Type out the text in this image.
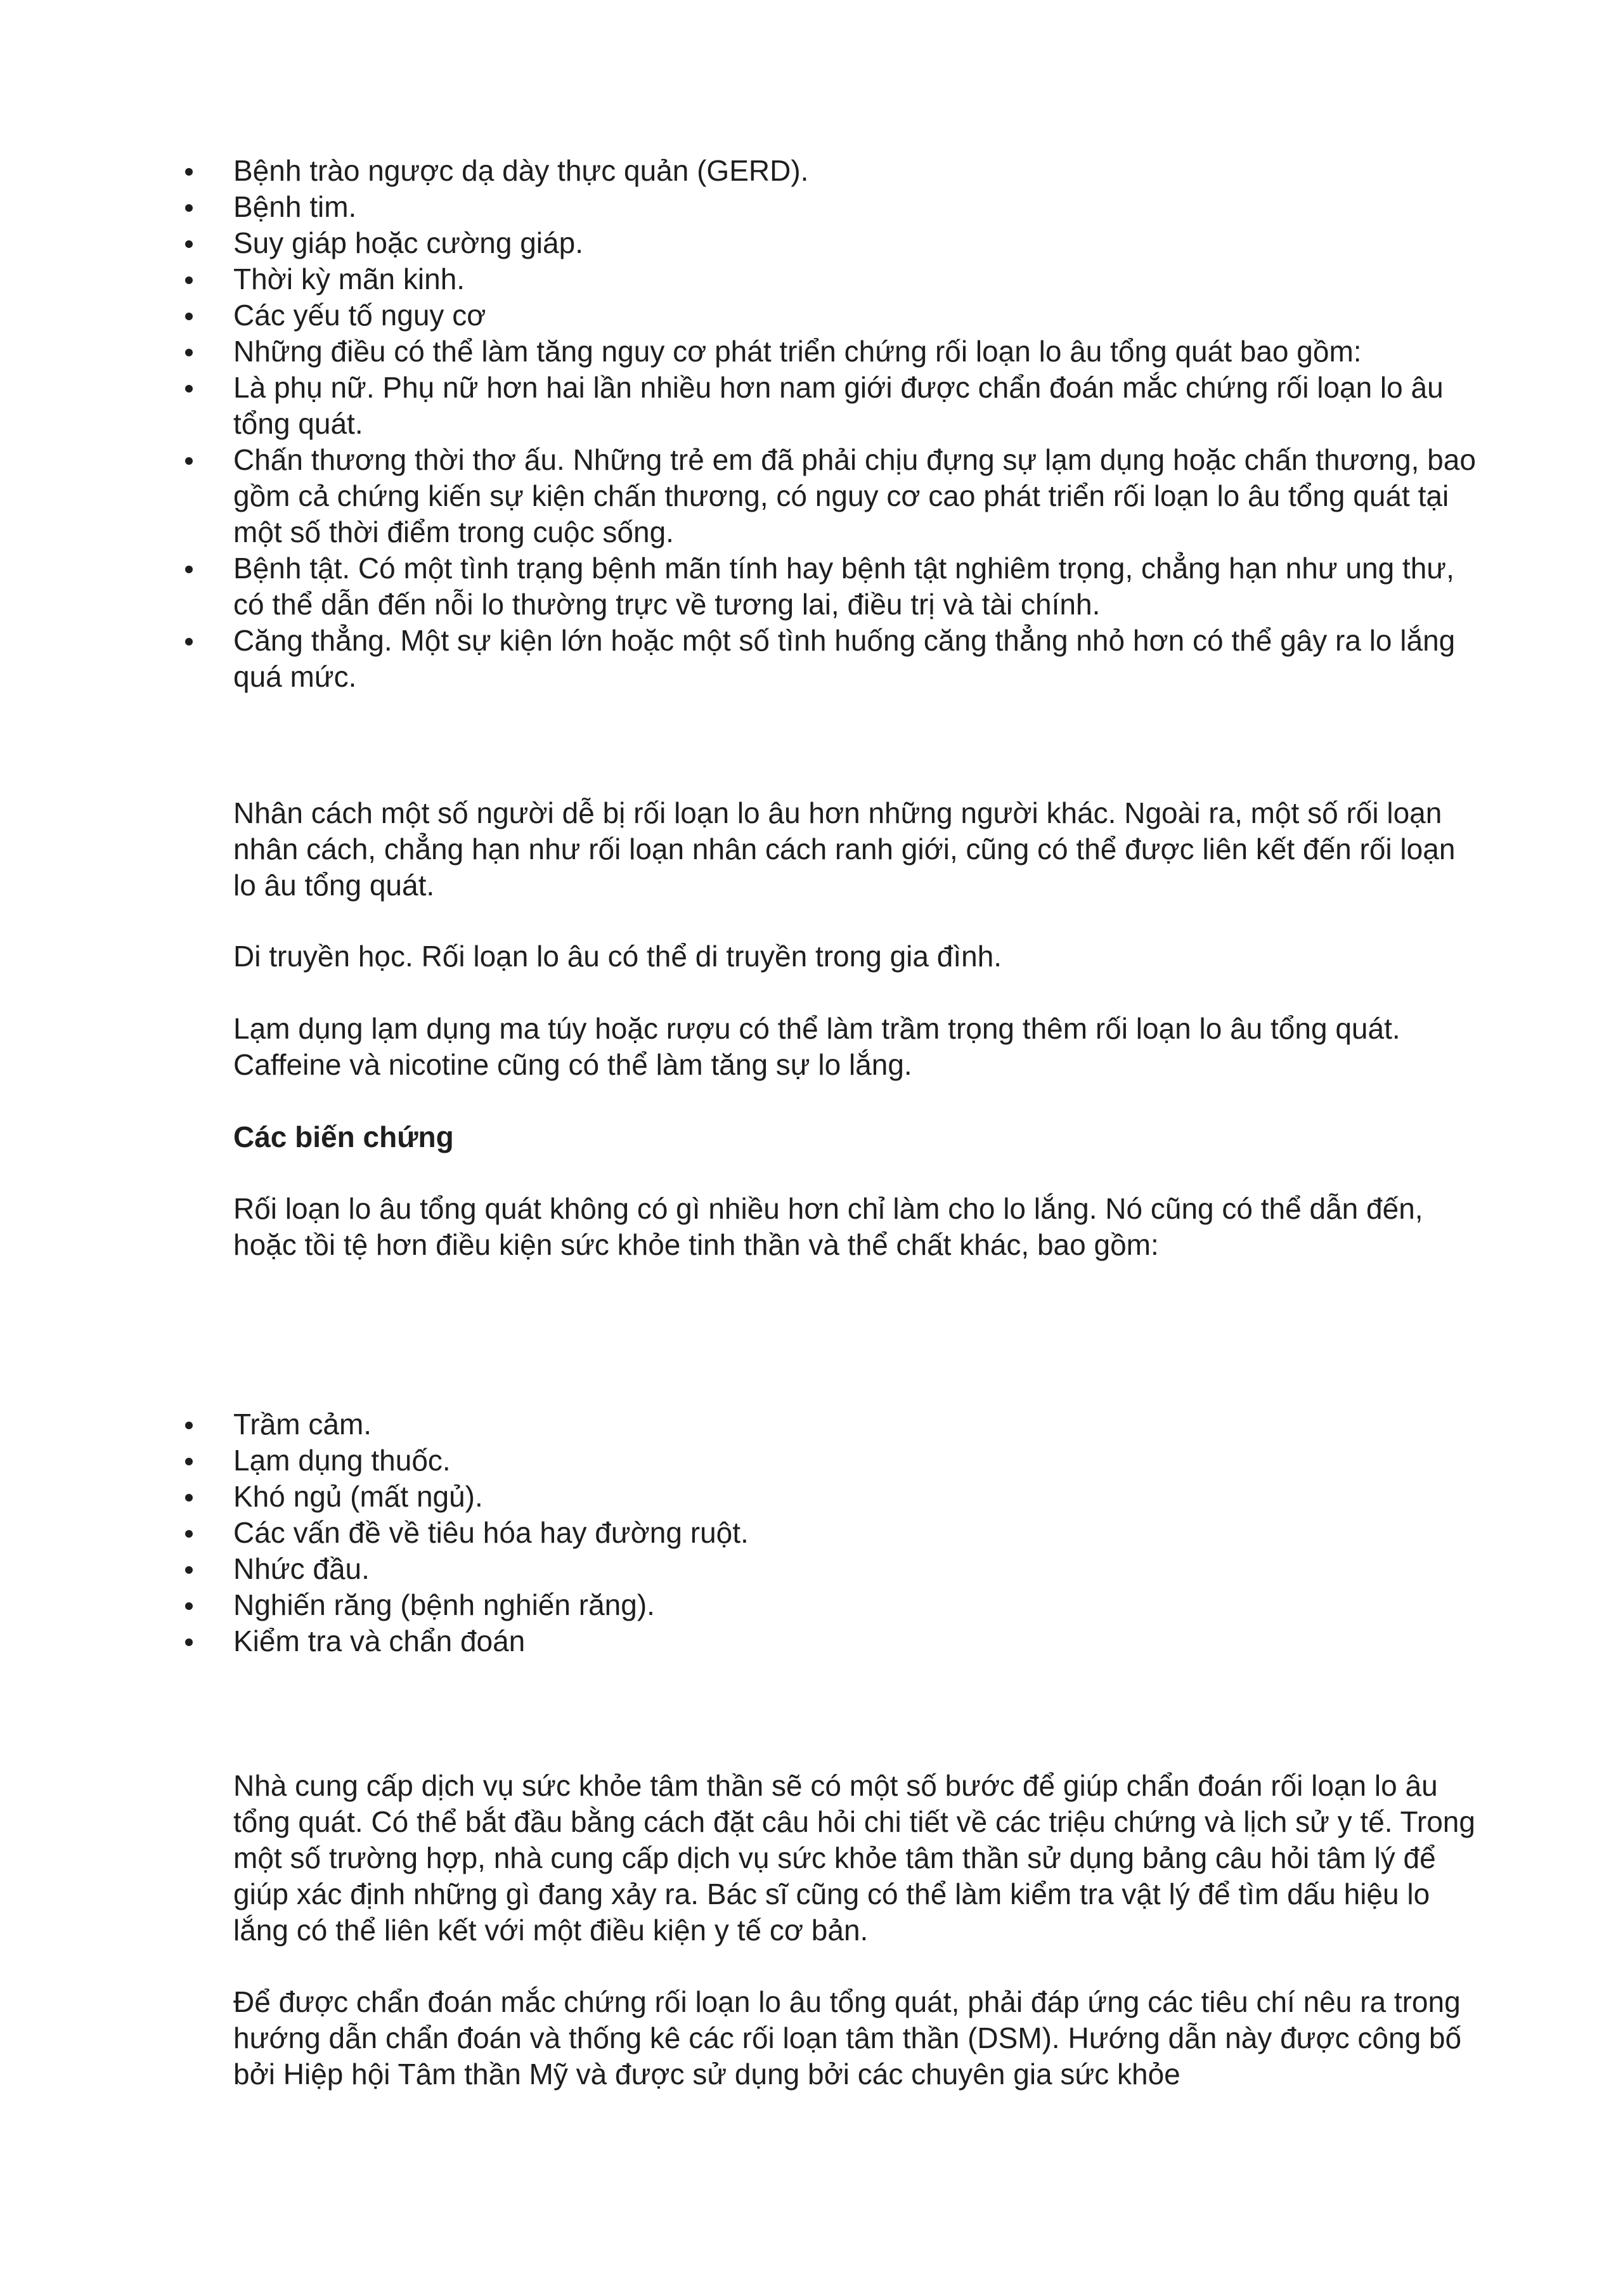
Bệnh trào ngược dạ dày thực quản (GERD).
Bệnh tim.
Suy giáp hoặc cường giáp.
Thời kỳ mãn kinh.
Các yếu tố nguy cơ
Những điều có thể làm tăng nguy cơ phát triển chứng rối loạn lo âu tổng quát bao gồm:
Là phụ nữ. Phụ nữ hơn hai lần nhiều hơn nam giới được chẩn đoán mắc chứng rối loạn lo âu tổng quát.
Chấn thương thời thơ ấu. Những trẻ em đã phải chịu đựng sự lạm dụng hoặc chấn thương, bao gồm cả chứng kiến sự kiện chấn thương, có nguy cơ cao phát triển rối loạn lo âu tổng quát tại một số thời điểm trong cuộc sống.
Bệnh tật. Có một tình trạng bệnh mãn tính hay bệnh tật nghiêm trọng, chẳng hạn như ung thư, có thể dẫn đến nỗi lo thường trực về tương lai, điều trị và tài chính.
Căng thẳng. Một sự kiện lớn hoặc một số tình huống căng thẳng nhỏ hơn có thể gây ra lo lắng quá mức.

Nhân cách một số người dễ bị rối loạn lo âu hơn những người khác. Ngoài ra, một số rối loạn nhân cách, chẳng hạn như rối loạn nhân cách ranh giới, cũng có thể được liên kết đến rối loạn lo âu tổng quát.

Di truyền học. Rối loạn lo âu có thể di truyền trong gia đình.

Lạm dụng lạm dụng ma túy hoặc rượu có thể làm trầm trọng thêm rối loạn lo âu tổng quát. Caffeine và nicotine cũng có thể làm tăng sự lo lắng.

Các biến chứng

Rối loạn lo âu tổng quát không có gì nhiều hơn chỉ làm cho lo lắng. Nó cũng có thể dẫn đến, hoặc tồi tệ hơn điều kiện sức khỏe tinh thần và thể chất khác, bao gồm:

Trầm cảm.
Lạm dụng thuốc.
Khó ngủ (mất ngủ).
Các vấn đề về tiêu hóa hay đường ruột.
Nhức đầu.
Nghiến răng (bệnh nghiến răng).
Kiểm tra và chẩn đoán

Nhà cung cấp dịch vụ sức khỏe tâm thần sẽ có một số bước để giúp chẩn đoán rối loạn lo âu tổng quát. Có thể bắt đầu bằng cách đặt câu hỏi chi tiết về các triệu chứng và lịch sử y tế. Trong một số trường hợp, nhà cung cấp dịch vụ sức khỏe tâm thần sử dụng bảng câu hỏi tâm lý để giúp xác định những gì đang xảy ra. Bác sĩ cũng có thể làm kiểm tra vật lý để tìm dấu hiệu lo lắng có thể liên kết với một điều kiện y tế cơ bản.

Để được chẩn đoán mắc chứng rối loạn lo âu tổng quát, phải đáp ứng các tiêu chí nêu ra trong hướng dẫn chẩn đoán và thống kê các rối loạn tâm thần (DSM). Hướng dẫn này được công bố bởi Hiệp hội Tâm thần Mỹ và được sử dụng bởi các chuyên gia sức khỏe
